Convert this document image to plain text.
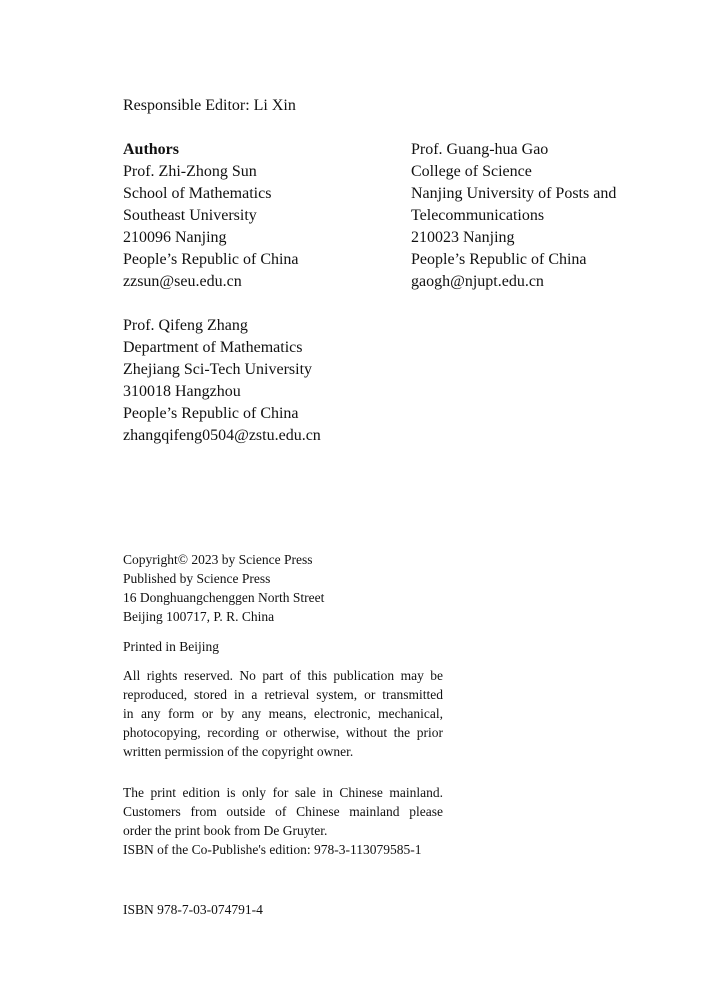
Responsible Editor: Li Xin
Authors
Prof. Zhi-Zhong Sun
School of Mathematics
Southeast University
210096 Nanjing
People’s Republic of China
zzsun@seu.edu.cn
Prof. Guang-hua Gao
College of Science
Nanjing University of Posts and
Telecommunications
210023 Nanjing
People’s Republic of China
gaogh@njupt.edu.cn
Prof. Qifeng Zhang
Department of Mathematics
Zhejiang Sci-Tech University
310018 Hangzhou
People’s Republic of China
zhangqifeng0504@zstu.edu.cn
Copyright© 2023 by Science Press
Published by Science Press
16 Donghuangchenggen North Street
Beijing 100717, P. R. China
Printed in Beijing
All rights reserved. No part of this publication may be
reproduced, stored in a retrieval system, or transmitted
in any form or by any means, electronic, mechanical,
photocopying, recording or otherwise, without the prior
written permission of the copyright owner.
The print edition is only for sale in Chinese mainland.
Customers from outside of Chinese mainland please
order the print book from De Gruyter.
ISBN of the Co-Publishe's edition: 978-3-113079585-1
ISBN 978-7-03-074791-4
